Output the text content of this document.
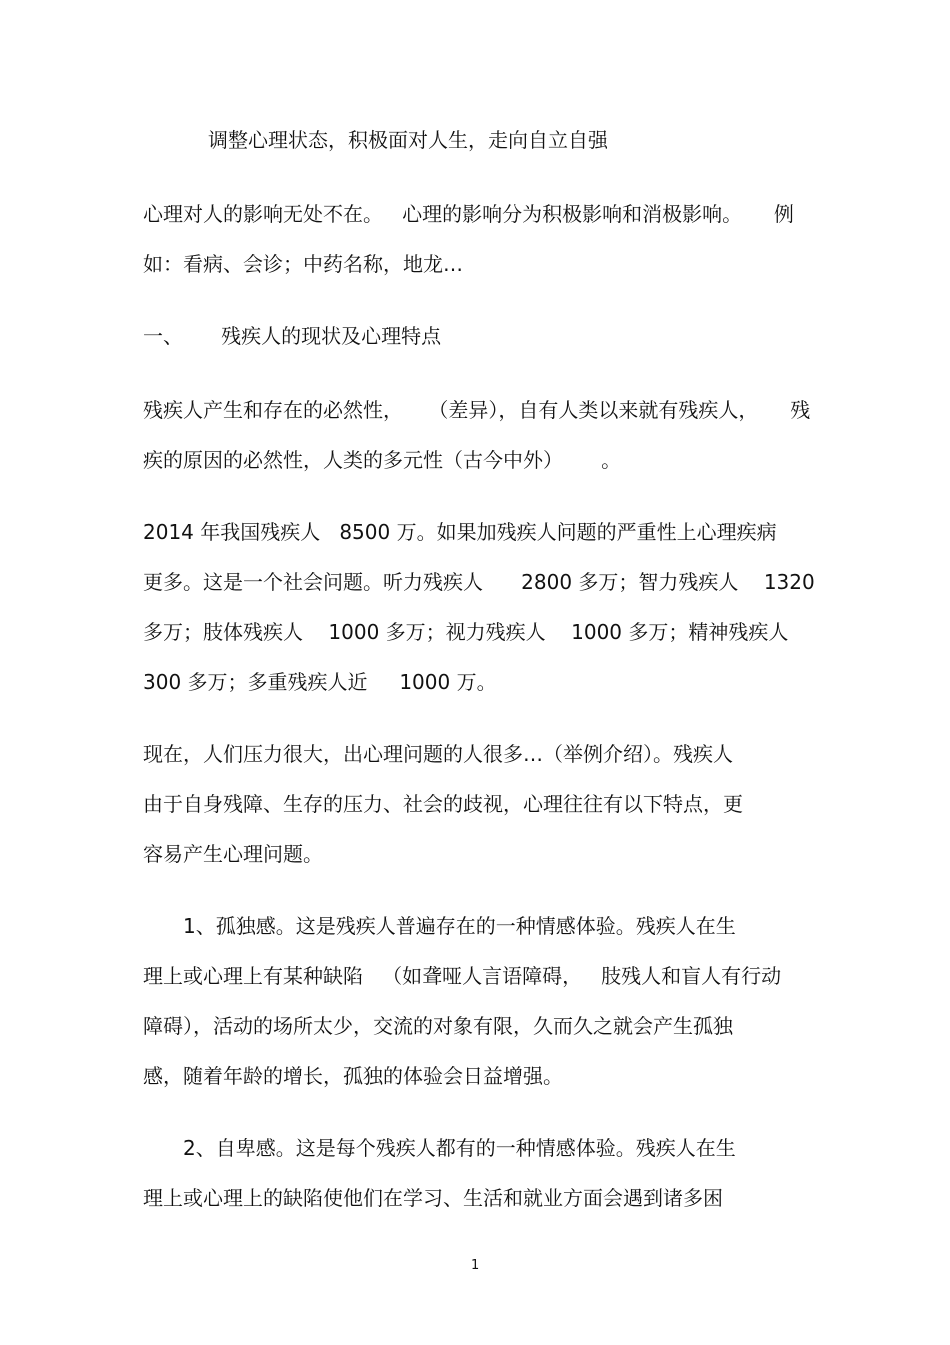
调整心理状态，积极面对人生，走向自立自强
心理对人的影响无处不在。   心理的影响分为积极影响和消极影响。     例
如：看病、会诊；中药名称，地龙…
一、      残疾人的现状及心理特点
残疾人产生和存在的必然性，    （差异），自有人类以来就有残疾人，     残
疾的原因的必然性，人类的多元性（古今中外）      。
2014 年我国残疾人   8500 万。如果加残疾人问题的严重性上心理疾病
更多。这是一个社会问题。听力残疾人      2800 多万；智力残疾人    1320
多万；肢体残疾人    1000 多万；视力残疾人    1000 多万；精神残疾人
300 多万；多重残疾人近     1000 万。
现在，人们压力很大，出心理问题的人很多…（举例介绍）。残疾人
由于自身残障、生存的压力、社会的歧视，心理往往有以下特点，更
容易产生心理问题。
1、孤独感。这是残疾人普遍存在的一种情感体验。残疾人在生
理上或心理上有某种缺陷   （如聋哑人言语障碍，   肢残人和盲人有行动
障碍），活动的场所太少，交流的对象有限，久而久之就会产生孤独
感，随着年龄的增长，孤独的体验会日益增强。
2、自卑感。这是每个残疾人都有的一种情感体验。残疾人在生
理上或心理上的缺陷使他们在学习、生活和就业方面会遇到诸多困
1
